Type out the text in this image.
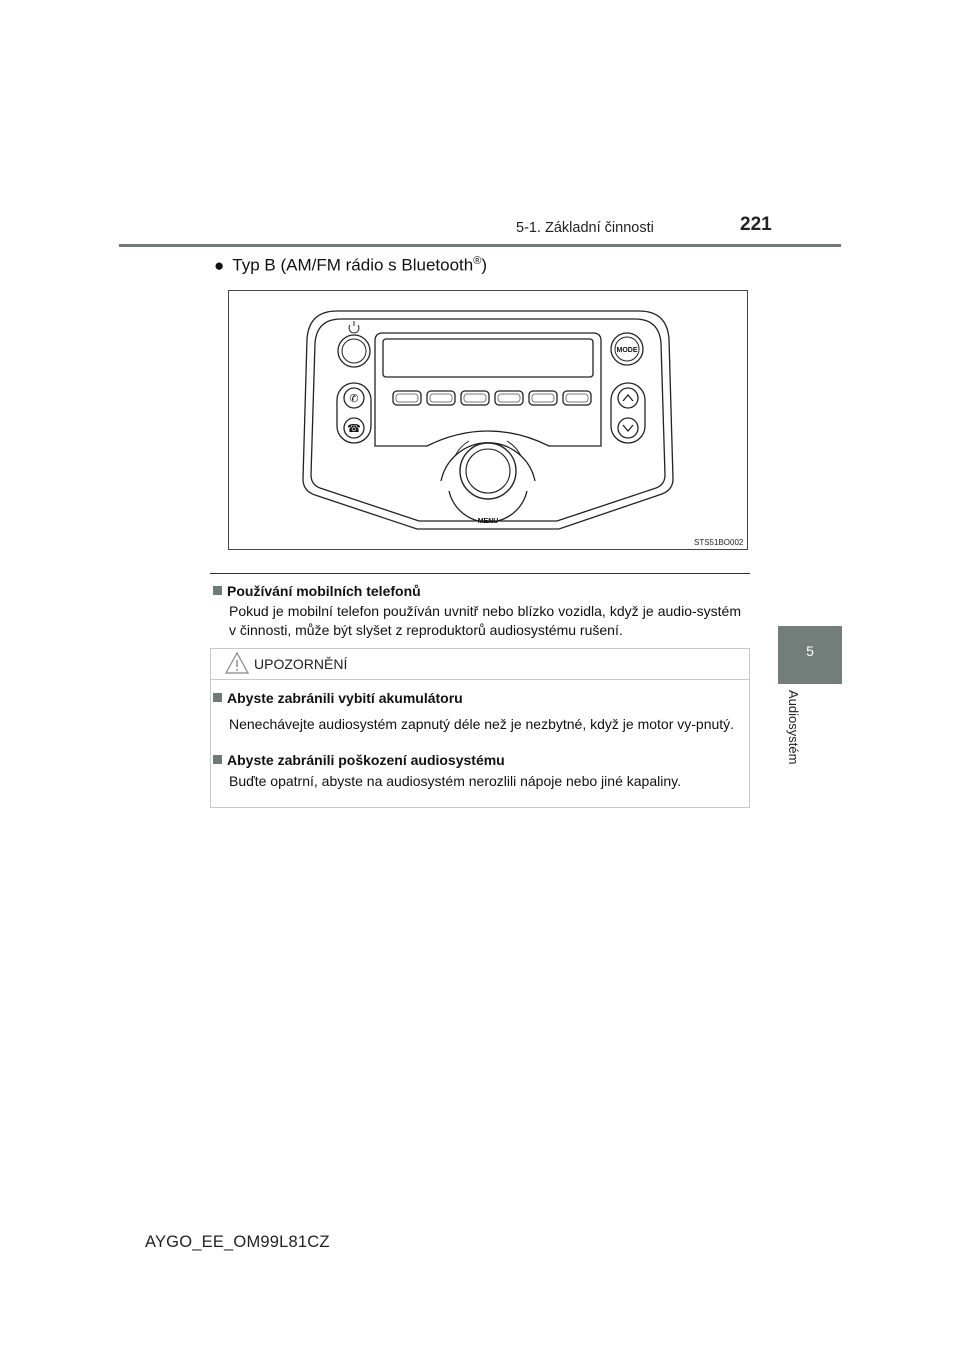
5-1. Základní činnosti	221
5
Audiosystém
● Typ B (AM/FM rádio s Bluetooth®)
MODE
✆
☎
MENU
STS51BO002
Používání mobilních telefonů
Pokud je mobilní telefon používán uvnitř nebo blízko vozidla, když je audio-systém v činnosti, může být slyšet z reproduktorů audiosystému rušení.
UPOZORNĚNÍ
Abyste zabránili vybití akumulátoru
Nenechávejte audiosystém zapnutý déle než je nezbytné, když je motor vy-pnutý.
Abyste zabránili poškození audiosystému
Buďte opatrní, abyste na audiosystém nerozlili nápoje nebo jiné kapaliny.
AYGO_EE_OM99L81CZ
